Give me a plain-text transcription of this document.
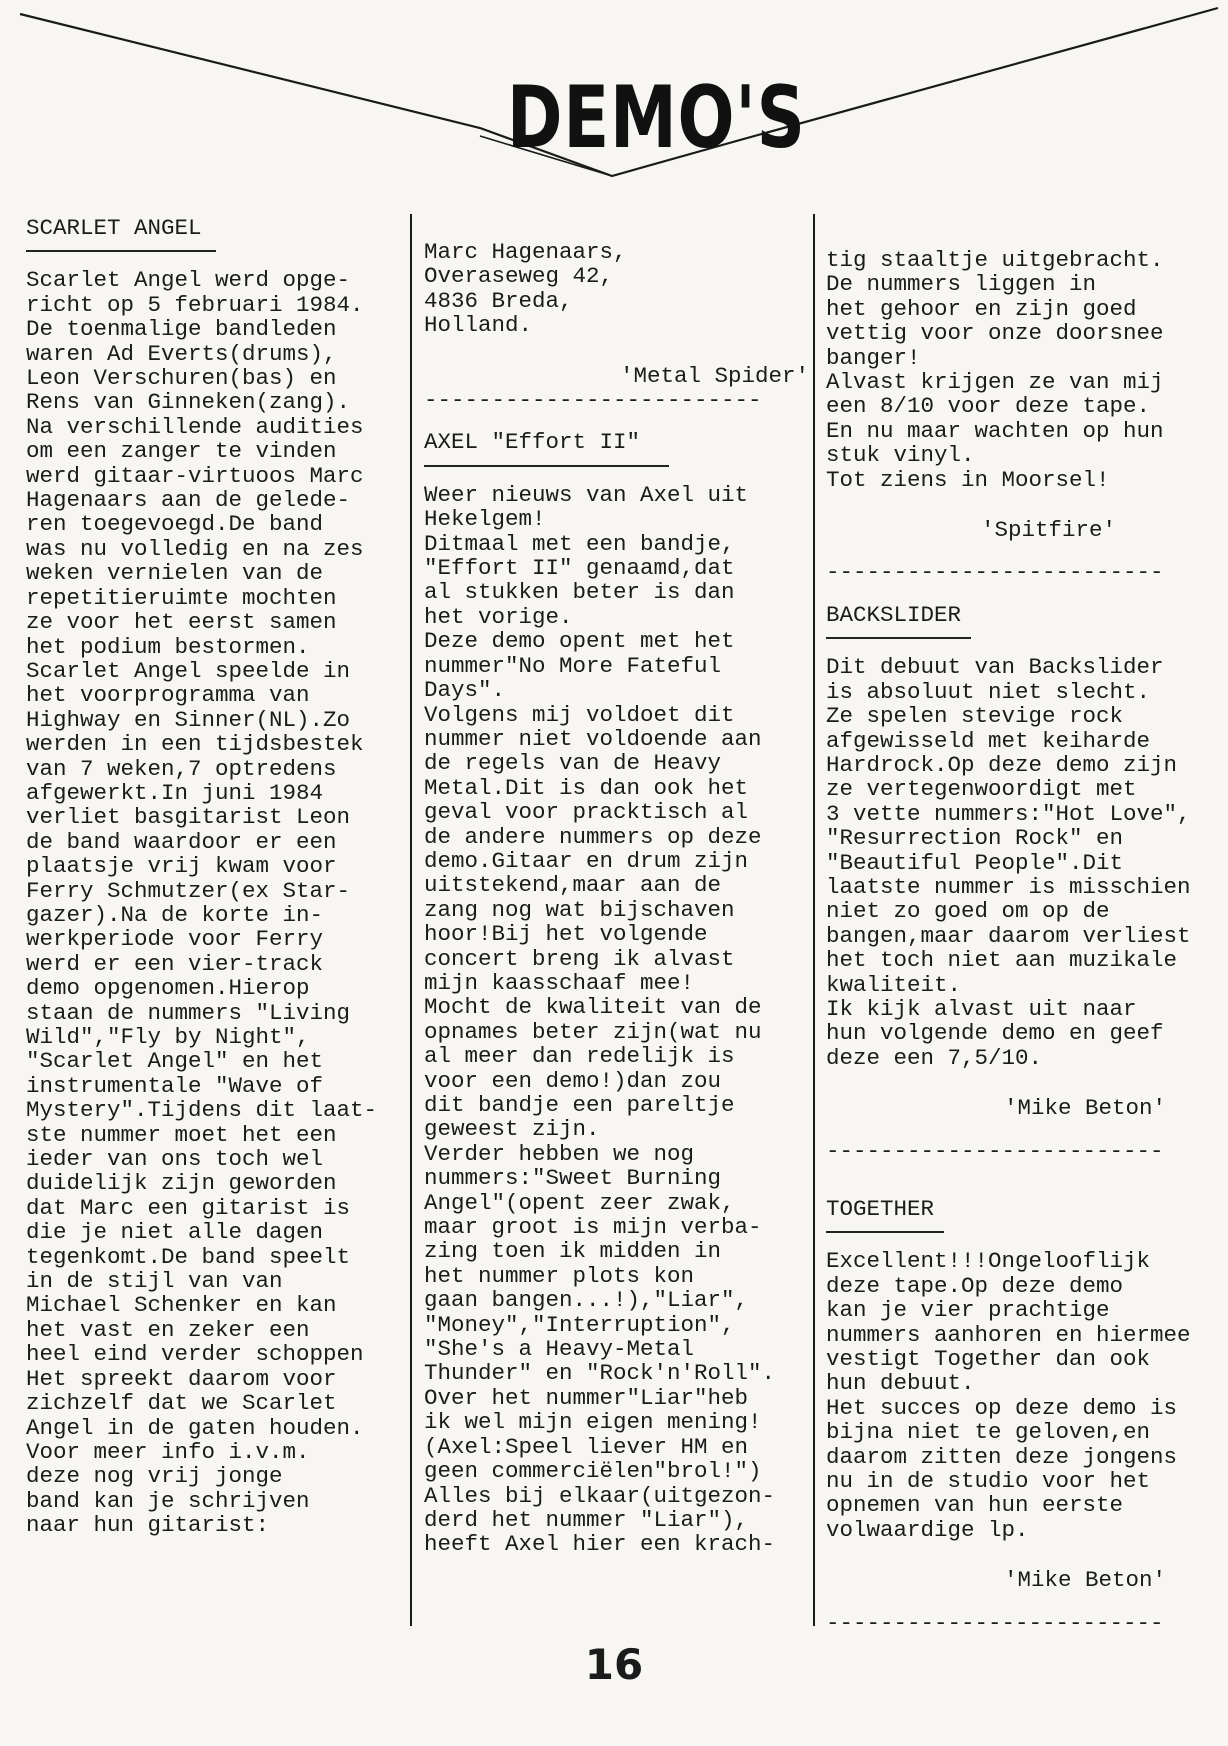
DEMO'S
SCARLET ANGEL
Scarlet Angel werd opge-
richt op 5 februari 1984.
De toenmalige bandleden
waren Ad Everts(drums),
Leon Verschuren(bas) en
Rens van Ginneken(zang).
Na verschillende audities
om een zanger te vinden
werd gitaar-virtuoos Marc
Hagenaars aan de gelede-
ren toegevoegd.De band
was nu volledig en na zes
weken vernielen van de
repetitieruimte mochten
ze voor het eerst samen
het podium bestormen.
Scarlet Angel speelde in
het voorprogramma van
Highway en Sinner(NL).Zo
werden in een tijdsbestek
van 7 weken,7 optredens
afgewerkt.In juni 1984
verliet basgitarist Leon
de band waardoor er een
plaatsje vrij kwam voor
Ferry Schmutzer(ex Star-
gazer).Na de korte in-
werkperiode voor Ferry
werd er een vier-track
demo opgenomen.Hierop
staan de nummers "Living
Wild","Fly by Night",
"Scarlet Angel" en het
instrumentale "Wave of
Mystery".Tijdens dit laat-
ste nummer moet het een
ieder van ons toch wel
duidelijk zijn geworden
dat Marc een gitarist is
die je niet alle dagen
tegenkomt.De band speelt
in de stijl van van
Michael Schenker en kan
het vast en zeker een
heel eind verder schoppen
Het spreekt daarom voor
zichzelf dat we Scarlet
Angel in de gaten houden.
Voor meer info i.v.m.
deze nog vrij jonge
band kan je schrijven
naar hun gitarist:
Marc Hagenaars,
Overaseweg 42,
4836 Breda,
Holland.
'Metal Spider'
-------------------------
AXEL "Effort II"
Weer nieuws van Axel uit
Hekelgem!
Ditmaal met een bandje,
"Effort II" genaamd,dat
al stukken beter is dan
het vorige.
Deze demo opent met het
nummer"No More Fateful
Days".
Volgens mij voldoet dit
nummer niet voldoende aan
de regels van de Heavy
Metal.Dit is dan ook het
geval voor pracktisch al
de andere nummers op deze
demo.Gitaar en drum zijn
uitstekend,maar aan de
zang nog wat bijschaven
hoor!Bij het volgende
concert breng ik alvast
mijn kaasschaaf mee!
Mocht de kwaliteit van de
opnames beter zijn(wat nu
al meer dan redelijk is
voor een demo!)dan zou
dit bandje een pareltje
geweest zijn.
Verder hebben we nog
nummers:"Sweet Burning
Angel"(opent zeer zwak,
maar groot is mijn verba-
zing toen ik midden in
het nummer plots kon
gaan bangen...!),"Liar",
"Money","Interruption",
"She's a Heavy-Metal
Thunder" en "Rock'n'Roll".
Over het nummer"Liar"heb
ik wel mijn eigen mening!
(Axel:Speel liever HM en
geen commerciëlen"brol!")
Alles bij elkaar(uitgezon-
derd het nummer "Liar"),
heeft Axel hier een krach-
tig staaltje uitgebracht.
De nummers liggen in
het gehoor en zijn goed
vettig voor onze doorsnee
banger!
Alvast krijgen ze van mij
een 8/10 voor deze tape.
En nu maar wachten op hun
stuk vinyl.
Tot ziens in Moorsel!
'Spitfire'
-------------------------
BACKSLIDER
Dit debuut van Backslider
is absoluut niet slecht.
Ze spelen stevige rock
afgewisseld met keiharde
Hardrock.Op deze demo zijn
ze vertegenwoordigt met
3 vette nummers:"Hot Love",
"Resurrection Rock" en
"Beautiful People".Dit
laatste nummer is misschien
niet zo goed om op de
bangen,maar daarom verliest
het toch niet aan muzikale
kwaliteit.
Ik kijk alvast uit naar
hun volgende demo en geef
deze een 7,5/10.
'Mike Beton'
-------------------------
TOGETHER
Excellent!!!Ongelooflijk
deze tape.Op deze demo
kan je vier prachtige
nummers aanhoren en hiermee
vestigt Together dan ook
hun debuut.
Het succes op deze demo is
bijna niet te geloven,en
daarom zitten deze jongens
nu in de studio voor het
opnemen van hun eerste
volwaardige lp.
'Mike Beton'
-------------------------
16
